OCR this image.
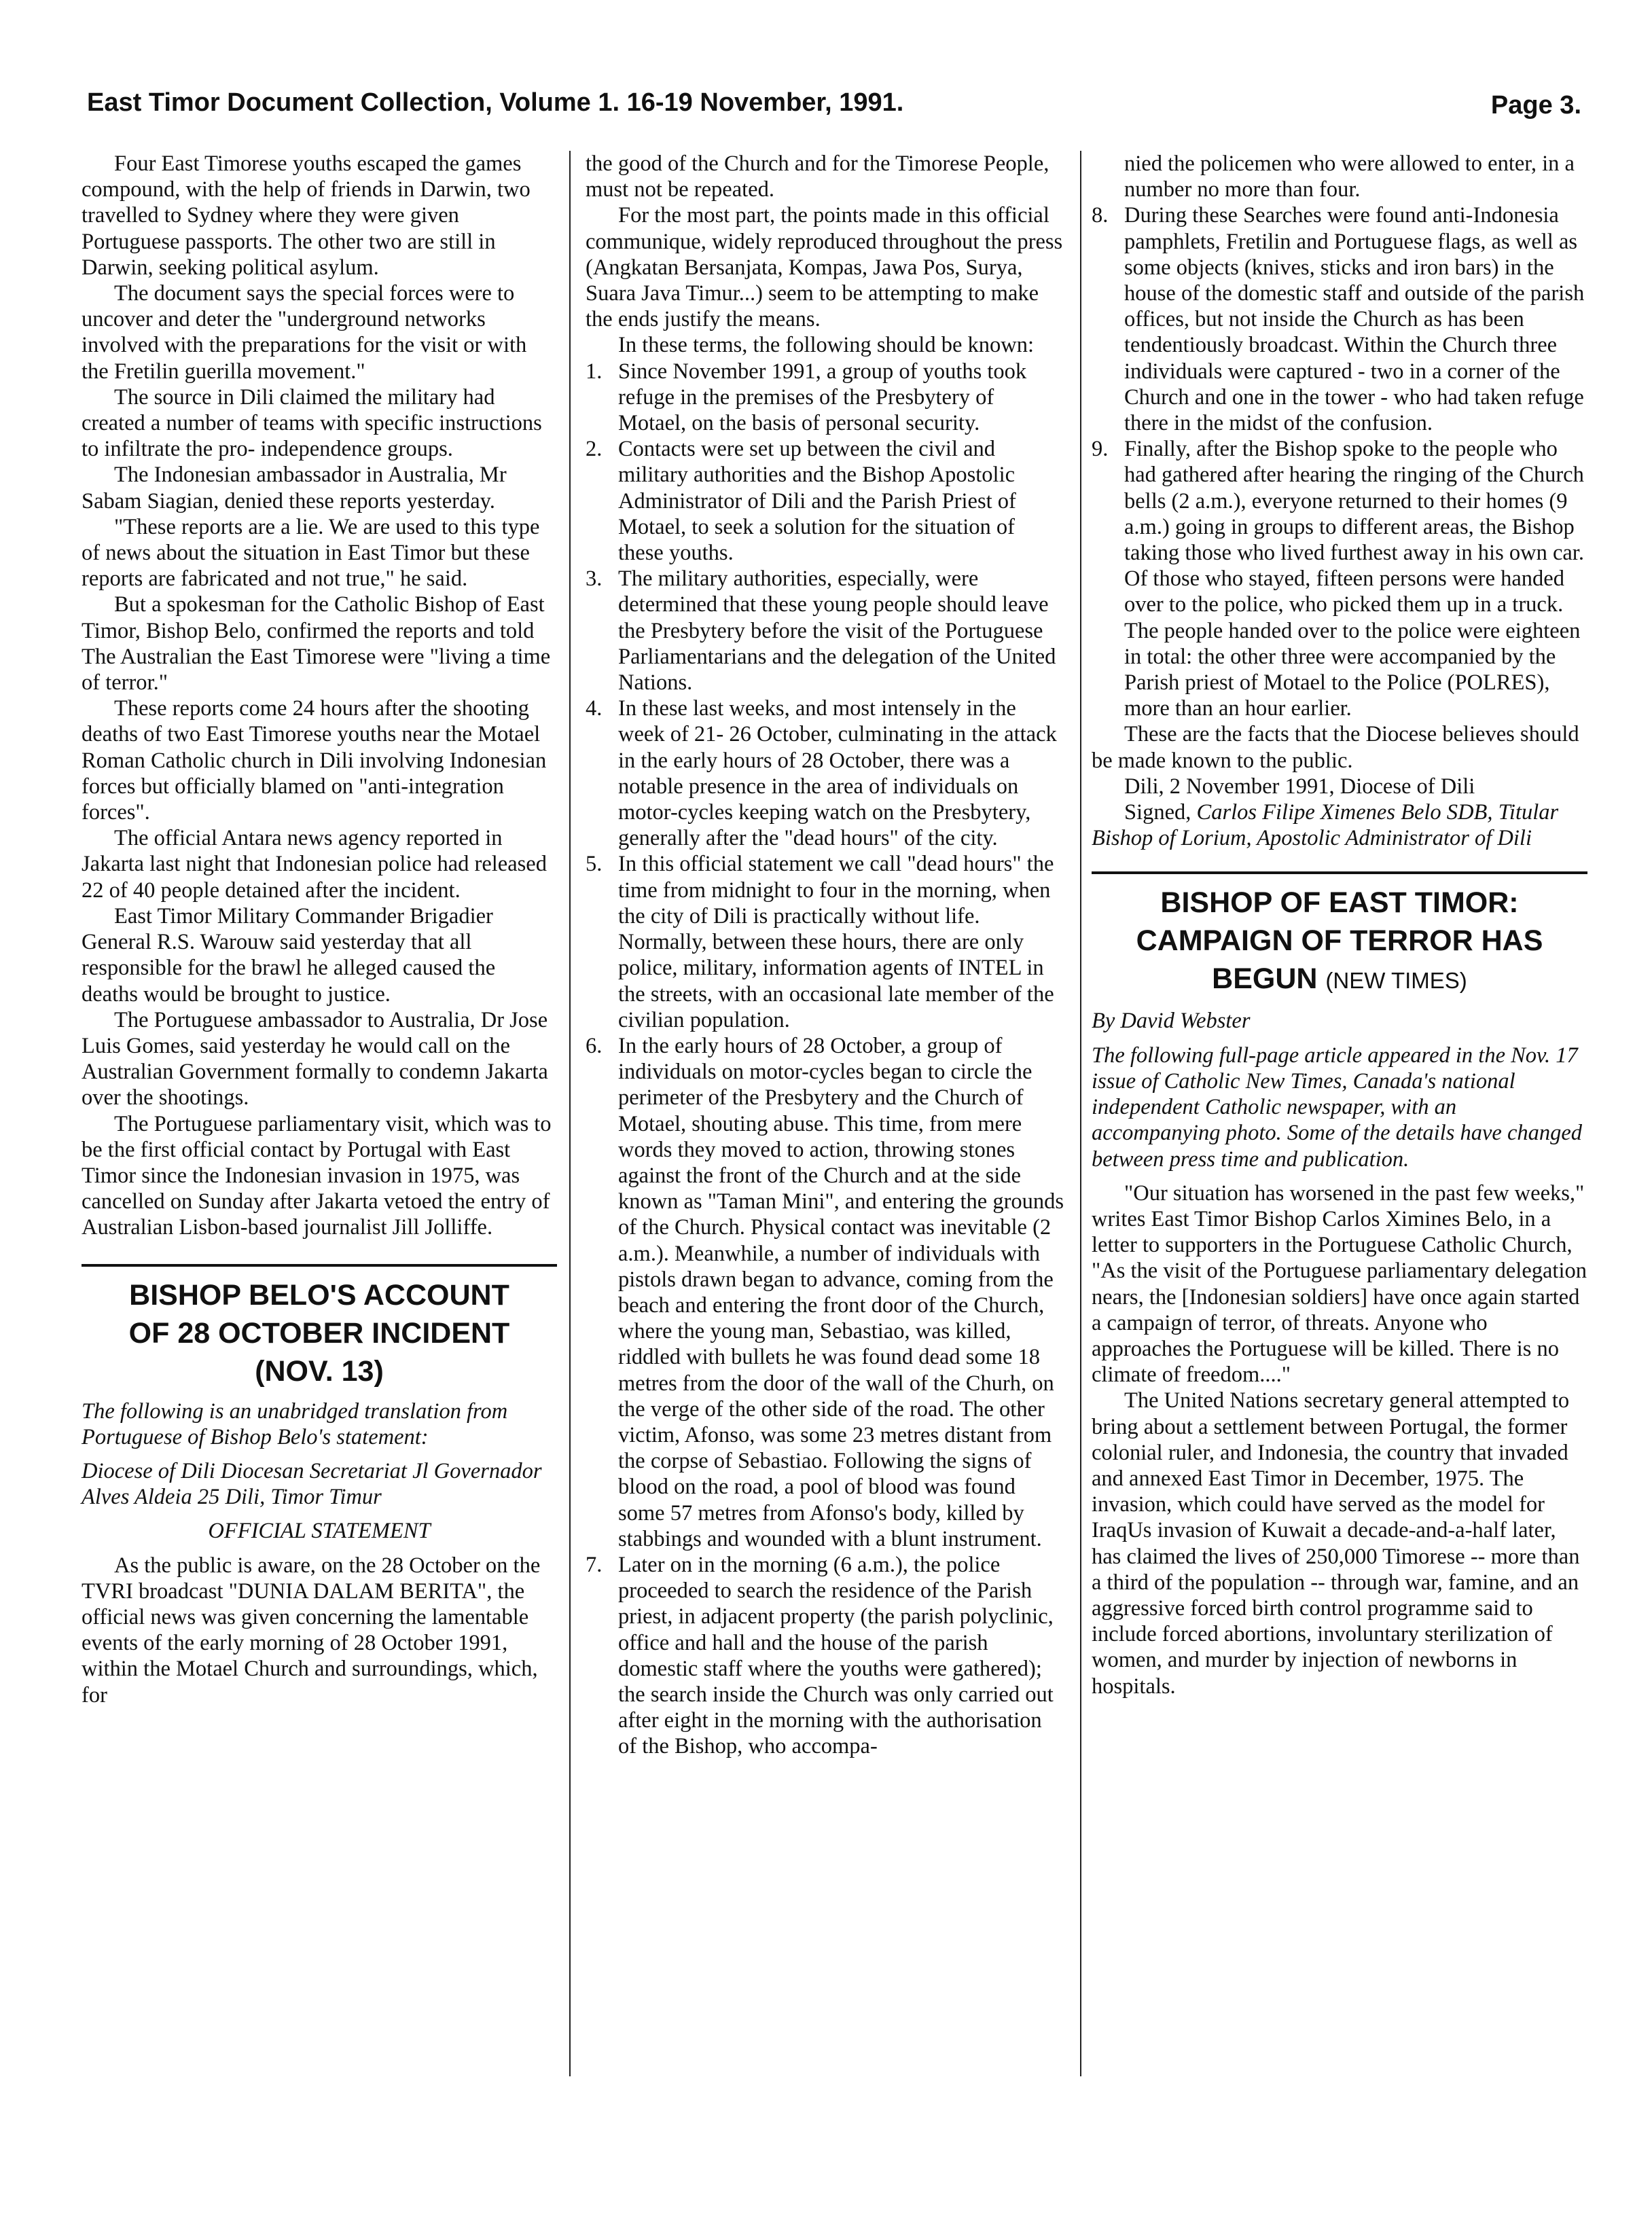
East Timor Document Collection, Volume 1. 16-19 November, 1991.	Page 3.

Four East Timorese youths escaped the games compound, with the help of friends in Darwin, two travelled to Sydney where they were given Portuguese passports. The other two are still in Darwin, seeking political asylum.

The document says the special forces were to uncover and deter the "underground networks involved with the preparations for the visit or with the Fretilin guerilla movement."

The source in Dili claimed the military had created a number of teams with specific instructions to infiltrate the pro- independence groups.

The Indonesian ambassador in Australia, Mr Sabam Siagian, denied these reports yesterday.

"These reports are a lie. We are used to this type of news about the situation in East Timor but these reports are fabricated and not true," he said.

But a spokesman for the Catholic Bishop of East Timor, Bishop Belo, confirmed the reports and told The Australian the East Timorese were "living a time of terror."

These reports come 24 hours after the shooting deaths of two East Timorese youths near the Motael Roman Catholic church in Dili involving Indonesian forces but officially blamed on "anti-integration forces".

The official Antara news agency reported in Jakarta last night that Indonesian police had released 22 of 40 people detained after the incident.

East Timor Military Commander Brigadier General R.S. Warouw said yesterday that all responsible for the brawl he alleged caused the deaths would be brought to justice.

The Portuguese ambassador to Australia, Dr Jose Luis Gomes, said yesterday he would call on the Australian Government formally to condemn Jakarta over the shootings.

The Portuguese parliamentary visit, which was to be the first official contact by Portugal with East Timor since the Indonesian invasion in 1975, was cancelled on Sunday after Jakarta vetoed the entry of Australian Lisbon-based journalist Jill Jolliffe.

BISHOP BELO'S ACCOUNT
OF 28 OCTOBER INCIDENT
(NOV. 13)

The following is an unabridged translation from Portuguese of Bishop Belo's statement:

Diocese of Dili Diocesan Secretariat Jl Governador Alves Aldeia 25 Dili, Timor Timur

OFFICIAL STATEMENT

As the public is aware, on the 28 October on the TVRI broadcast "DUNIA DALAM BERITA", the official news was given concerning the lamentable events of the early morning of 28 October 1991, within the Motael Church and surroundings, which, for

the good of the Church and for the Timorese People, must not be repeated.

For the most part, the points made in this official communique, widely reproduced throughout the press (Angkatan Bersanjata, Kompas, Jawa Pos, Surya, Suara Java Timur...) seem to be attempting to make the ends justify the means.

In these terms, the following should be known:

1. Since November 1991, a group of youths took refuge in the premises of the Presbytery of Motael, on the basis of personal security.
2. Contacts were set up between the civil and military authorities and the Bishop Apostolic Administrator of Dili and the Parish Priest of Motael, to seek a solution for the situation of these youths.
3. The military authorities, especially, were determined that these young people should leave the Presbytery before the visit of the Portuguese Parliamentarians and the delegation of the United Nations.
4. In these last weeks, and most intensely in the week of 21- 26 October, culminating in the attack in the early hours of 28 October, there was a notable presence in the area of individuals on motor-cycles keeping watch on the Presbytery, generally after the "dead hours" of the city.
5. In this official statement we call "dead hours" the time from midnight to four in the morning, when the city of Dili is practically without life. Normally, between these hours, there are only police, military, information agents of INTEL in the streets, with an occasional late member of the civilian population.
6. In the early hours of 28 October, a group of individuals on motor-cycles began to circle the perimeter of the Presbytery and the Church of Motael, shouting abuse. This time, from mere words they moved to action, throwing stones against the front of the Church and at the side known as "Taman Mini", and entering the grounds of the Church. Physical contact was inevitable (2 a.m.). Meanwhile, a number of individuals with pistols drawn began to advance, coming from the beach and entering the front door of the Church, where the young man, Sebastiao, was killed, riddled with bullets he was found dead some 18 metres from the door of the wall of the Churh, on the verge of the other side of the road. The other victim, Afonso, was some 23 metres distant from the corpse of Sebastiao. Following the signs of blood on the road, a pool of blood was found some 57 metres from Afonso's body, killed by stabbings and wounded with a blunt instrument.
7. Later on in the morning (6 a.m.), the police proceeded to search the residence of the Parish priest, in adjacent property (the parish polyclinic, office and hall and the house of the parish domestic staff where the youths were gathered); the search inside the Church was only carried out after eight in the morning with the authorisation of the Bishop, who accompa-

nied the policemen who were allowed to enter, in a number no more than four.

8. During these Searches were found anti-Indonesia pamphlets, Fretilin and Portuguese flags, as well as some objects (knives, sticks and iron bars) in the house of the domestic staff and outside of the parish offices, but not inside the Church as has been tendentiously broadcast. Within the Church three individuals were captured - two in a corner of the Church and one in the tower - who had taken refuge there in the midst of the confusion.
9. Finally, after the Bishop spoke to the people who had gathered after hearing the ringing of the Church bells (2 a.m.), everyone returned to their homes (9 a.m.) going in groups to different areas, the Bishop taking those who lived furthest away in his own car. Of those who stayed, fifteen persons were handed over to the police, who picked them up in a truck. The people handed over to the police were eighteen in total: the other three were accompanied by the Parish priest of Motael to the Police (POLRES), more than an hour earlier.

These are the facts that the Diocese believes should be made known to the public.

Dili, 2 November 1991, Diocese of Dili

Signed, Carlos Filipe Ximenes Belo SDB, Titular Bishop of Lorium, Apostolic Administrator of Dili

BISHOP OF EAST TIMOR:
CAMPAIGN OF TERROR HAS
BEGUN (NEW TIMES)

By David Webster

The following full-page article appeared in the Nov. 17 issue of Catholic New Times, Canada's national independent Catholic newspaper, with an accompanying photo. Some of the details have changed between press time and publication.

"Our situation has worsened in the past few weeks," writes East Timor Bishop Carlos Ximines Belo, in a letter to supporters in the Portuguese Catholic Church, "As the visit of the Portuguese parliamentary delegation nears, the [Indonesian soldiers] have once again started a campaign of terror, of threats. Anyone who approaches the Portuguese will be killed. There is no climate of freedom...."

The United Nations secretary general attempted to bring about a settlement between Portugal, the former colonial ruler, and Indonesia, the country that invaded and annexed East Timor in December, 1975. The invasion, which could have served as the model for IraqUs invasion of Kuwait a decade-and-a-half later, has claimed the lives of 250,000 Timorese -- more than a third of the population -- through war, famine, and an aggressive forced birth control programme said to include forced abortions, involuntary sterilization of women, and murder by injection of newborns in hospitals.
